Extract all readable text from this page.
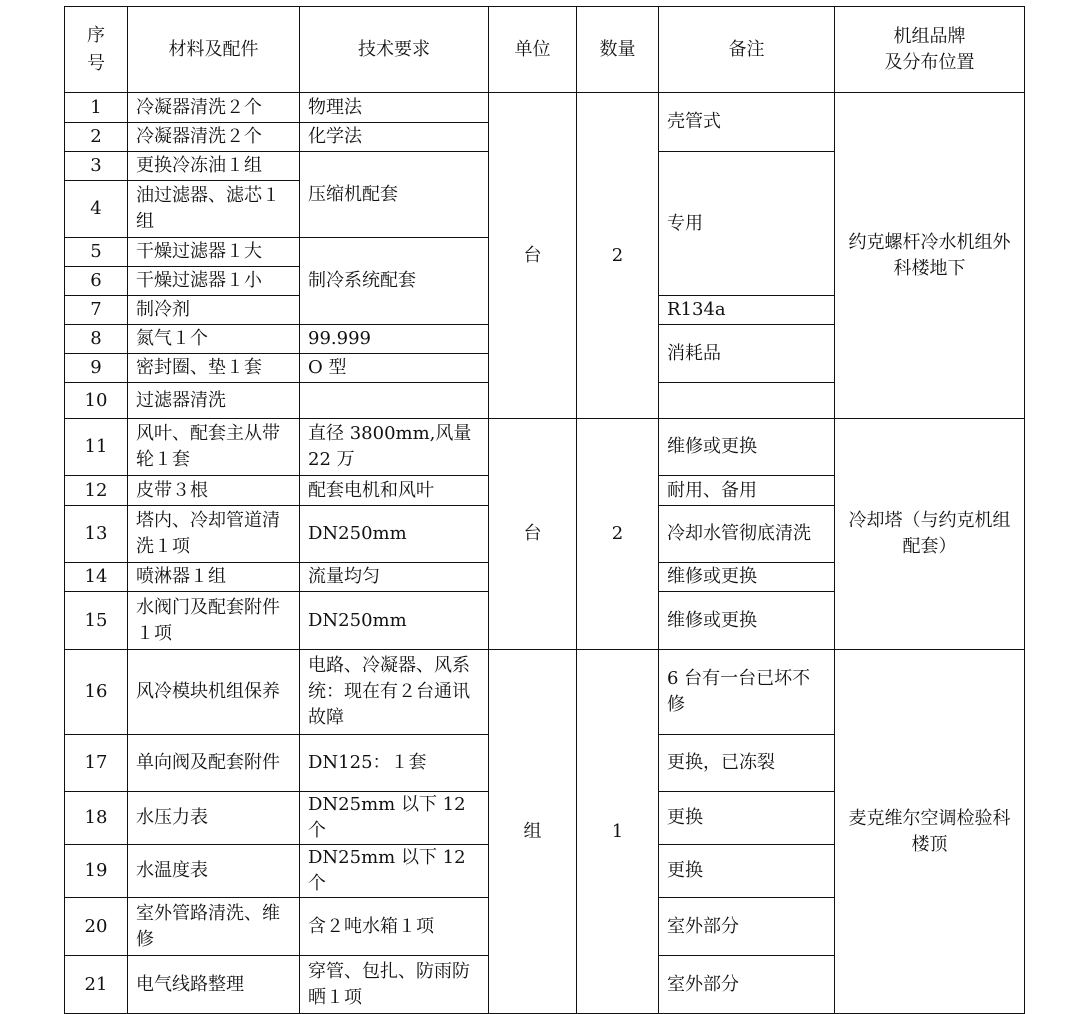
序号	材料及配件	技术要求	单位	数量	备注	机组品牌
及分布位置

1	冷凝器清洗２个	物理法	台	2	壳管式	约克螺杆冷水机组外科楼地下
2	冷凝器清洗２个	化学法				
3	更换冷冻油１组	压缩机配套			专用	
4	油过滤器、滤芯１组					
5	干燥过滤器１大	制冷系统配套				
6	干燥过滤器１小					
7	制冷剂				R134a	
8	氮气１个	99.999			消耗品	
9	密封圈、垫１套	O 型				
10	过滤器清洗					
11	风叶、配套主从带轮１套	直径 3800mm,风量 22 万	台	2	维修或更换	冷却塔（与约克机组配套）
12	皮带３根	配套电机和风叶			耐用、备用	
13	塔内、冷却管道清洗１项	DN250mm			冷却水管彻底清洗	
14	喷淋器１组	流量均匀			维修或更换	
15	水阀门及配套附件１项	DN250mm			维修或更换	
16	风冷模块机组保养	电路、冷凝器、风系统：现在有２台通讯故障	组	1	6 台有一台已坏不修	麦克维尔空调检验科楼顶
17	单向阀及配套附件	DN125：１套			更换，已冻裂	
18	水压力表	DN25mm 以下 12 个			更换	
19	水温度表	DN25mm 以下 12 个			更换	
20	室外管路清洗、维修	含２吨水箱１项			室外部分	
21	电气线路整理	穿管、包扎、防雨防晒１项			室外部分	
